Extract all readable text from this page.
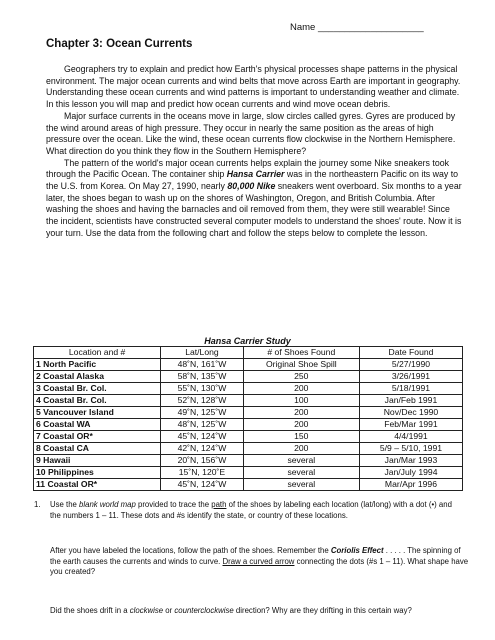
Name ____________________
Chapter 3: Ocean Currents

Geographers try to explain and predict how Earth's physical processes shape patterns in the physical environment. The major ocean currents and wind belts that move across Earth are important in geography. Understanding these ocean currents and wind patterns is important to understanding weather and climate. In this lesson you will map and predict how ocean currents and wind move ocean debris.

Major surface currents in the oceans move in large, slow circles called gyres. Gyres are produced by the wind around areas of high pressure. They occur in nearly the same position as the areas of high pressure over the ocean. Like the wind, these ocean currents flow clockwise in the Northern Hemisphere. What direction do you think they flow in the Southern Hemisphere?

The pattern of the world's major ocean currents helps explain the journey some Nike sneakers took through the Pacific Ocean. The container ship Hansa Carrier was in the northeastern Pacific on its way to the U.S. from Korea. On May 27, 1990, nearly 80,000 Nike sneakers went overboard. Six months to a year later, the shoes began to wash up on the shores of Washington, Oregon, and British Columbia. After washing the shoes and having the barnacles and oil removed from them, they were still wearable! Since the incident, scientists have constructed several computer models to understand the shoes' route. Now it is your turn. Use the data from the following chart and follow the steps below to complete the lesson.

Hansa Carrier Study
Location and #	Lat/Long	# of Shoes Found	Date Found
1 North Pacific	48˚N, 161˚W	Original Shoe Spill	5/27/1990
2 Coastal Alaska	58˚N, 135˚W	250	3/26/1991
3 Coastal Br. Col.	55˚N, 130˚W	200	5/18/1991
4 Coastal Br. Col.	52˚N, 128˚W	100	Jan/Feb 1991
5 Vancouver Island	49˚N, 125˚W	200	Nov/Dec 1990
6 Coastal WA	48˚N, 125˚W	200	Feb/Mar 1991
7 Coastal OR*	45˚N, 124˚W	150	4/4/1991
8 Coastal CA	42˚N, 124˚W	200	5/9 – 5/10, 1991
9 Hawaii	20˚N, 156˚W	several	Jan/Mar 1993
10 Philippines	15˚N, 120˚E	several	Jan/July 1994
11 Coastal OR*	45˚N, 124˚W	several	Mar/Apr 1996
1. Use the blank world map provided to trace the path of the shoes by labeling each location (lat/long) with a dot (•) and the numbers 1 – 11. These dots and #s identify the state, or country of these locations.
After you have labeled the locations, follow the path of the shoes. Remember the Coriolis Effect . . . . . The spinning of the earth causes the currents and winds to curve. Draw a curved arrow connecting the dots (#s 1 – 11). What shape have you created?
Did the shoes drift in a clockwise or counterclockwise direction? Why are they drifting in this certain way?
